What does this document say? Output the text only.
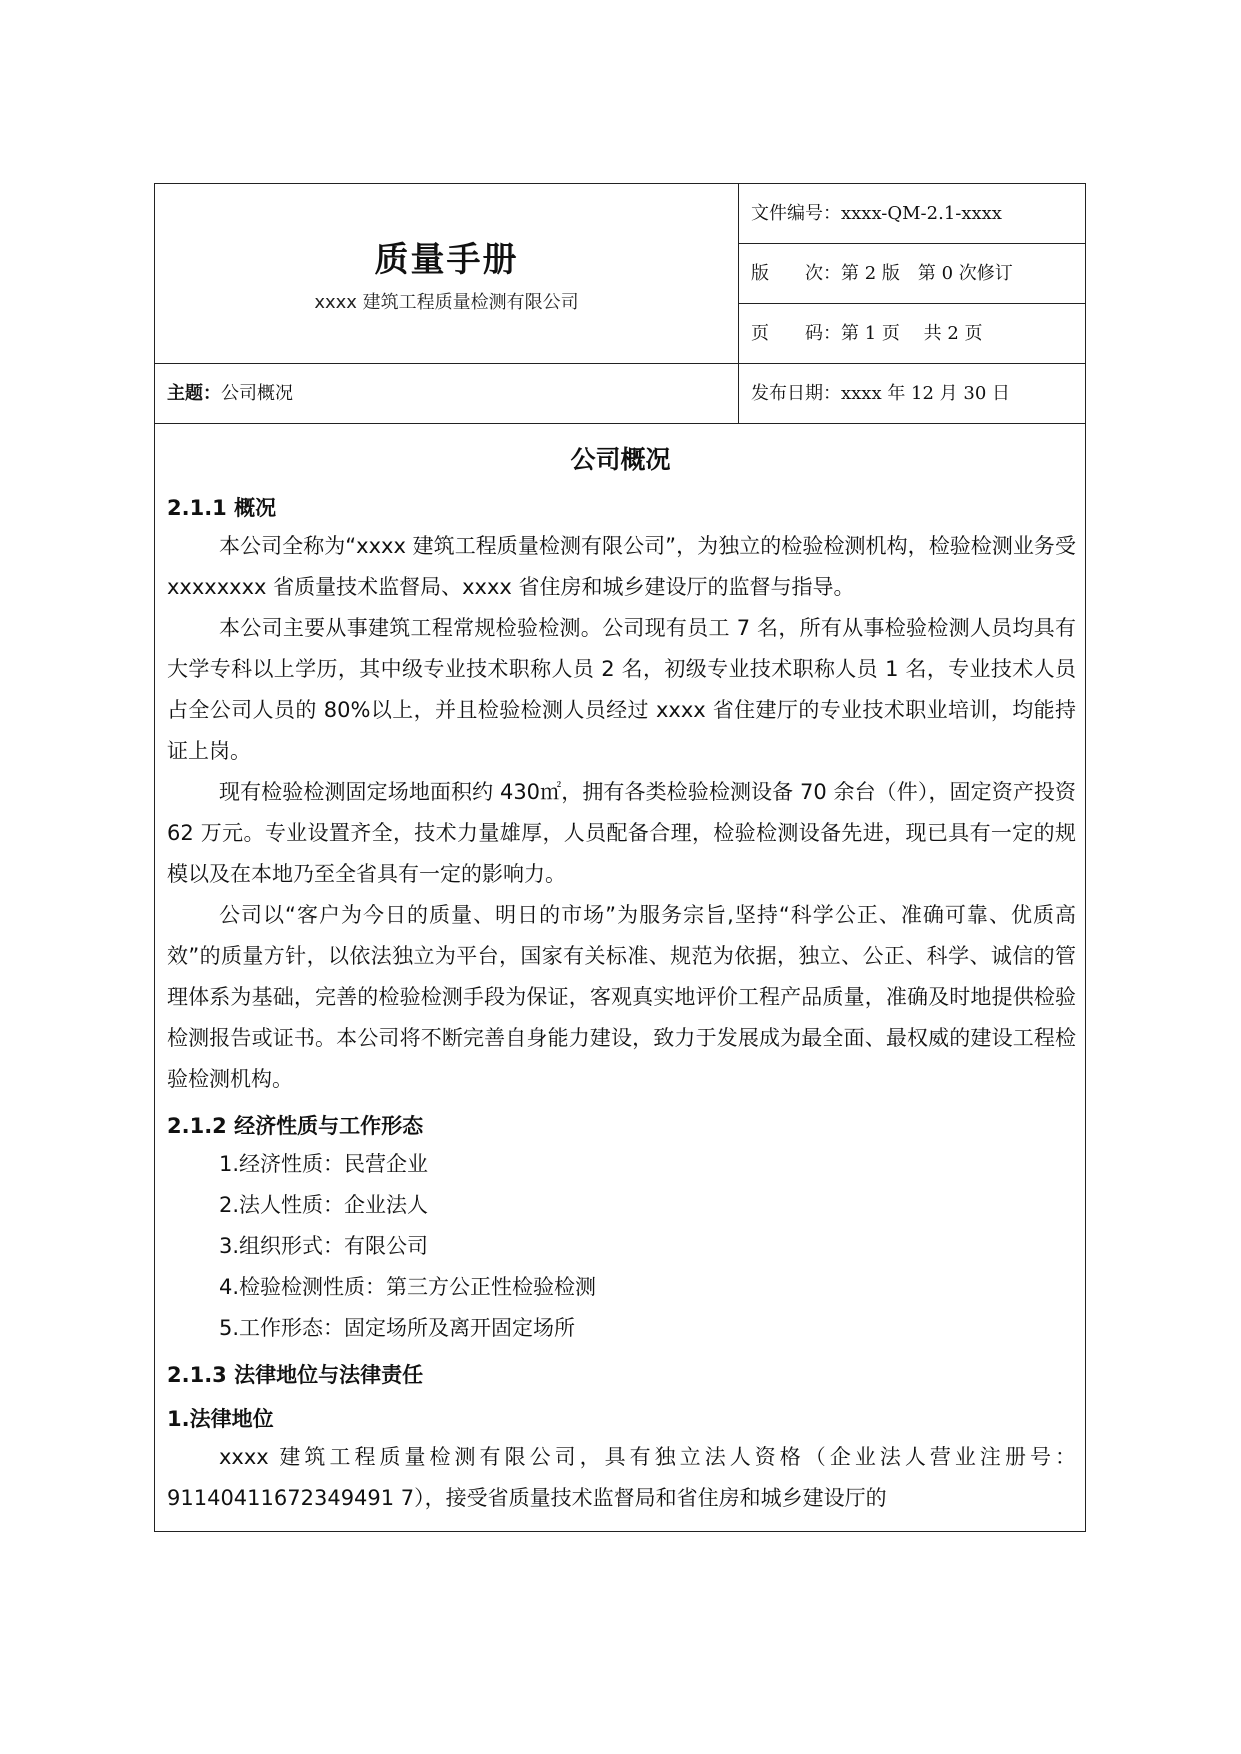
质量手册
xxxx 建筑工程质量检测有限公司
文件编号：xxxx-QM-2.1-xxxx
版 次：第 2 版　第 0 次修订
页 码：第 1 页　 共 2 页
主题：公司概况	发布日期：xxxx 年 12 月 30 日
公司概况
2.1.1 概况

本公司全称为“xxxx 建筑工程质量检测有限公司”，为独立的检验检测机构，检验检测业务受 xxxxxxxx 省质量技术监督局、xxxx 省住房和城乡建设厅的监督与指导。

本公司主要从事建筑工程常规检验检测。公司现有员工 7 名，所有从事检验检测人员均具有大学专科以上学历，其中级专业技术职称人员 2 名，初级专业技术职称人员 1 名，专业技术人员占全公司人员的 80%以上，并且检验检测人员经过 xxxx 省住建厅的专业技术职业培训，均能持证上岗。

现有检验检测固定场地面积约 430㎡，拥有各类检验检测设备 70 余台（件），固定资产投资 62 万元。专业设置齐全，技术力量雄厚，人员配备合理，检验检测设备先进，现已具有一定的规模以及在本地乃至全省具有一定的影响力。

公司以“客户为今日的质量、明日的市场”为服务宗旨,坚持“科学公正、准确可靠、优质高效”的质量方针，以依法独立为平台，国家有关标准、规范为依据，独立、公正、科学、诚信的管理体系为基础，完善的检验检测手段为保证，客观真实地评价工程产品质量，准确及时地提供检验检测报告或证书。本公司将不断完善自身能力建设，致力于发展成为最全面、最权威的建设工程检验检测机构。

2.1.2 经济性质与工作形态
1.经济性质：民营企业
2.法人性质：企业法人
3.组织形式：有限公司
4.检验检测性质：第三方公正性检验检测
5.工作形态：固定场所及离开固定场所
2.1.3 法律地位与法律责任
1.法律地位

xxxx 建筑工程质量检测有限公司，具有独立法人资格（企业法人营业注册号：91140411672349491 7），接受省质量技术监督局和省住房和城乡建设厅的
